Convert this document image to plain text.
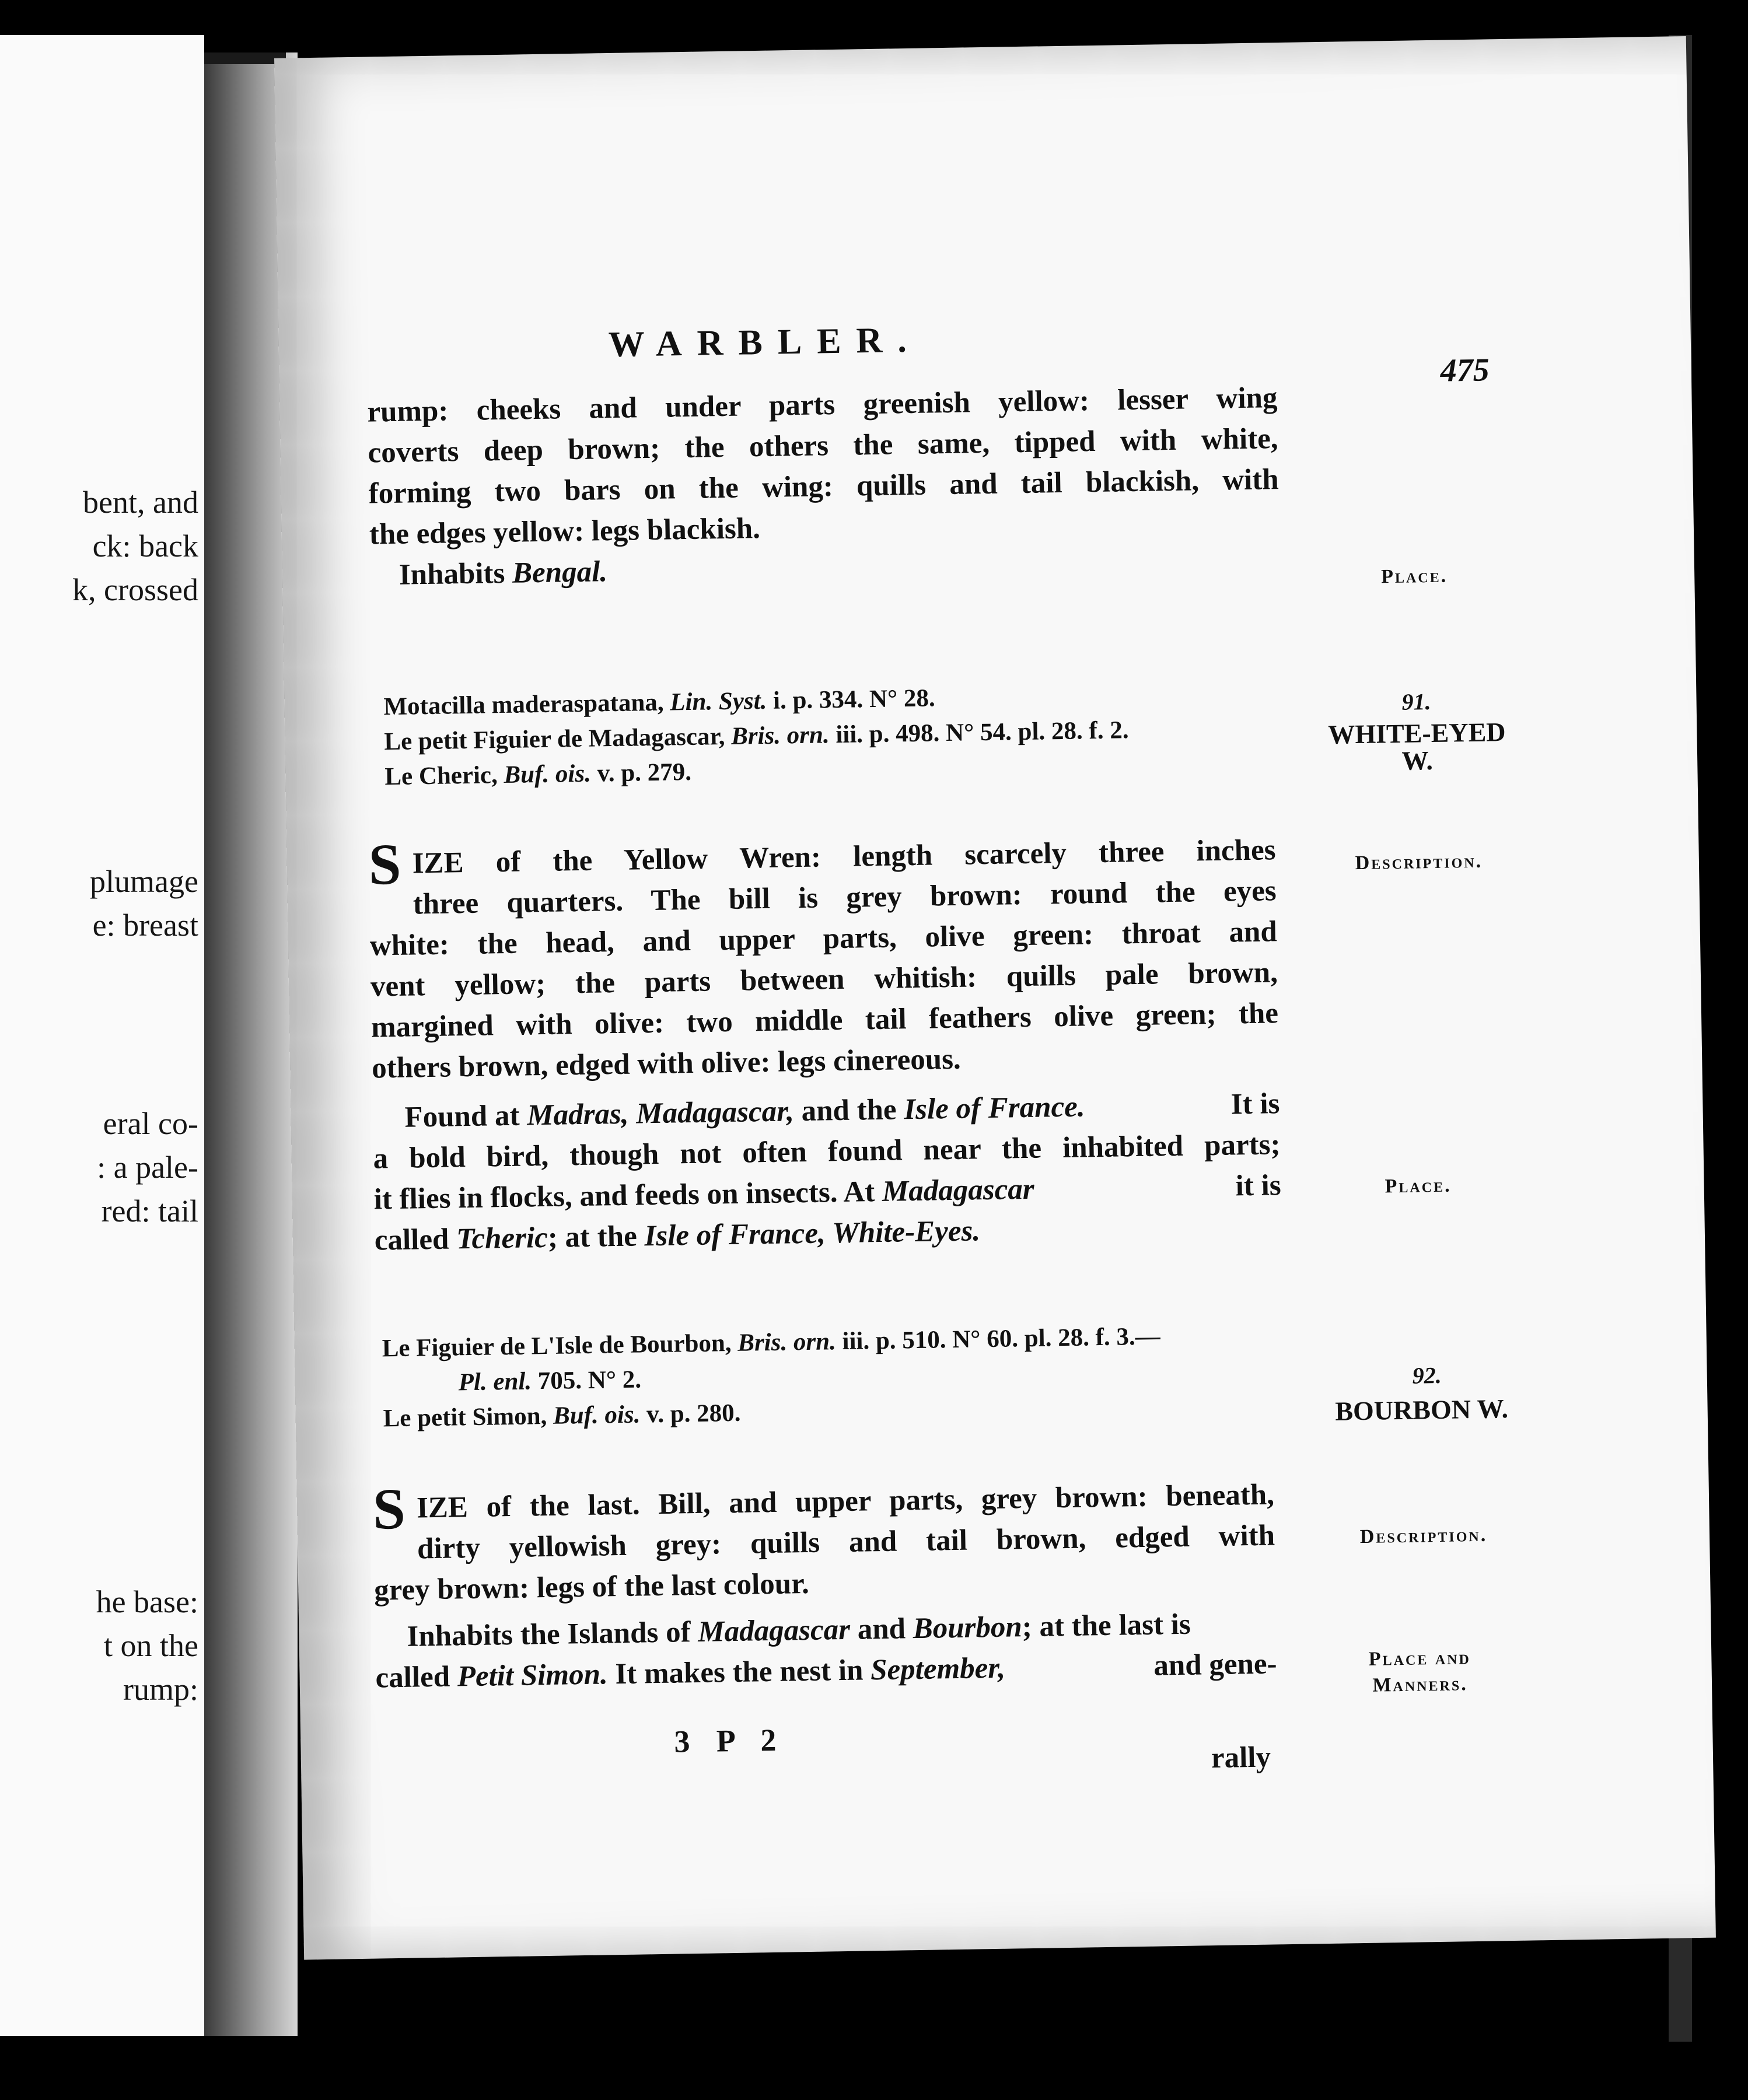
bent, and
ck: back
k, crossed
plumage
e: breast
eral co-
: a pale-
red: tail
he base:
t on the
rump:
WARBLER.
475
rump: cheeks and under parts greenish yellow: lesser wing
coverts deep brown; the others the same, tipped with white,
forming two bars on the wing: quills and tail blackish, with
the edges yellow: legs blackish.
Inhabits Bengal.	Place.
Motacilla maderaspatana, Lin. Syst. i. p. 334. N° 28.
Le petit Figuier de Madagascar, Bris. orn. iii. p. 498. N° 54. pl. 28. f. 2.
Le Cheric, Buf. ois. v. p. 279.
91.
WHITE-EYED
W.
Description.
Place.
S IZE of the Yellow Wren: length scarcely three inches
three quarters. The bill is grey brown: round the eyes
white: the head, and upper parts, olive green: throat and
vent yellow; the parts between whitish: quills pale brown,
margined with olive: two middle tail feathers olive green; the
others brown, edged with olive: legs cinereous.
Found at Madras, Madagascar, and the Isle of France.	It is
a bold bird, though not often found near the inhabited parts;
it flies in flocks, and feeds on insects. At Madagascar	it is
called Tcheric; at the Isle of France, White-Eyes.
Le Figuier de L'Isle de Bourbon, Bris. orn. iii. p. 510. N° 60. pl. 28. f. 3.—
Pl. enl. 705. N° 2.
Le petit Simon, Buf. ois. v. p. 280.
92.
BOURBON W.
Description.
Place and
Manners.
S IZE of the last. Bill, and upper parts, grey brown: beneath,
dirty yellowish grey: quills and tail brown, edged with
grey brown: legs of the last colour.
Inhabits the Islands of Madagascar and Bourbon; at the last is
called Petit Simon. It makes the nest in September,	and gene-
3 P 2	rally
